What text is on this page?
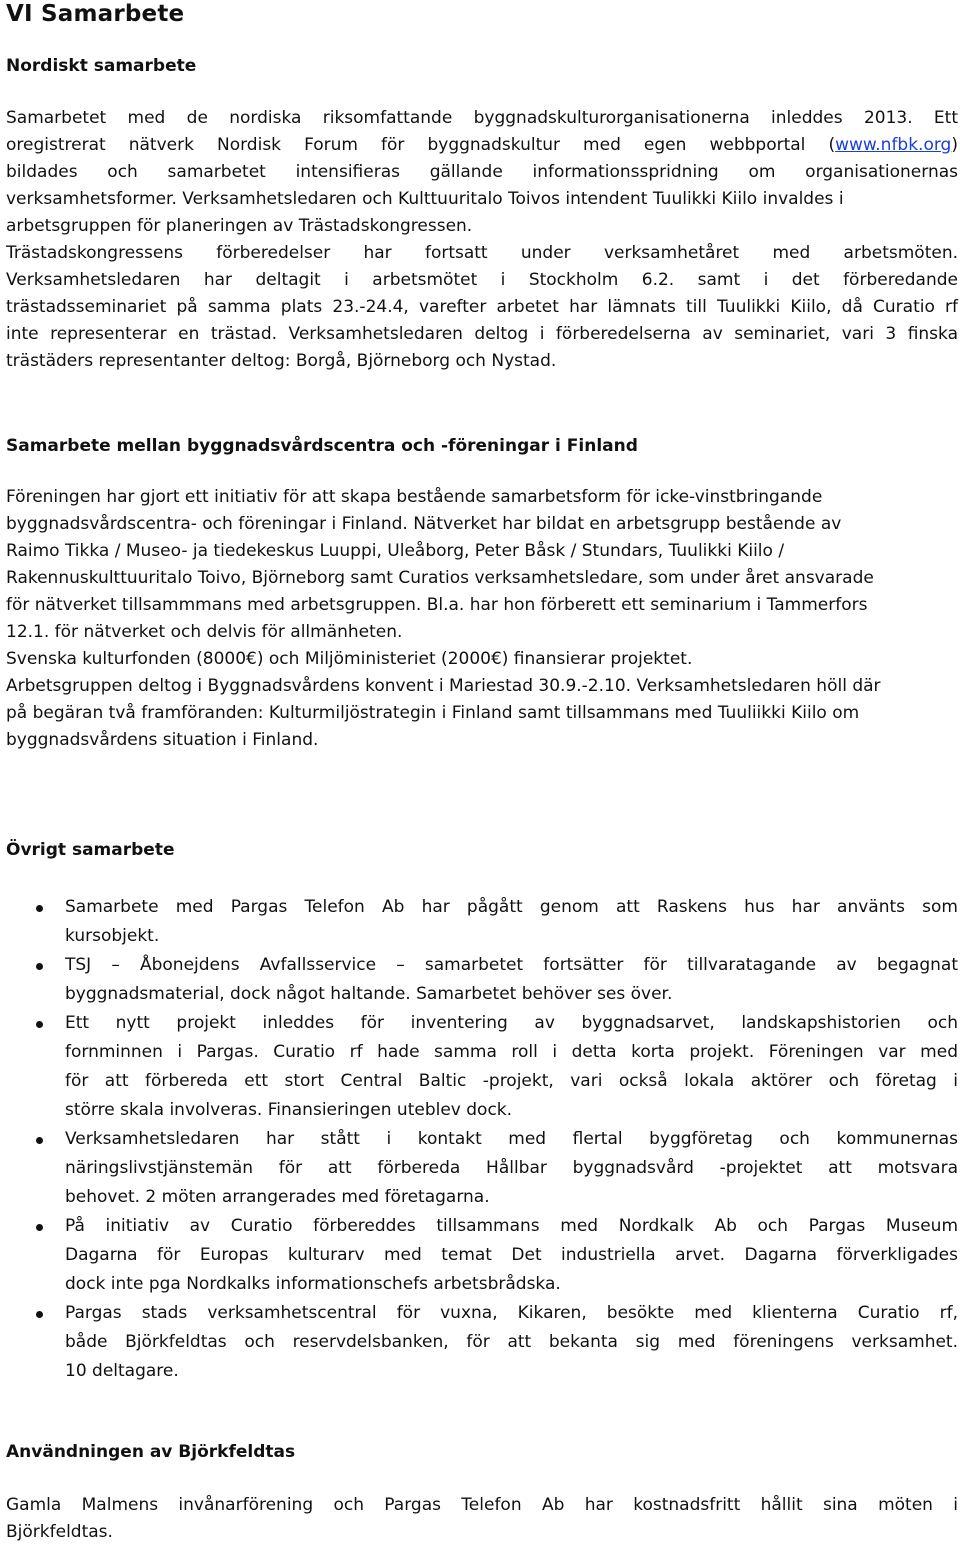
VI Samarbete
Nordiskt samarbete
Samarbetet med de nordiska riksomfattande byggnadskulturorganisationerna inleddes 2013. Ett
oregistrerat nätverk Nordisk Forum för byggnadskultur med egen webbportal (www.nfbk.org)
bildades och samarbetet intensifieras gällande informationsspridning om organisationernas
verksamhetsformer. Verksamhetsledaren och Kulttuuritalo Toivos intendent Tuulikki Kiilo invaldes i
arbetsgruppen för planeringen av Trästadskongressen.
Trästadskongressens förberedelser har fortsatt under verksamhetåret med arbetsmöten.
Verksamhetsledaren har deltagit i arbetsmötet i Stockholm 6.2. samt i det förberedande
trästadsseminariet på samma plats 23.-24.4, varefter arbetet har lämnats till Tuulikki Kiilo, då Curatio rf
inte representerar en trästad. Verksamhetsledaren deltog i förberedelserna av seminariet, vari 3 finska
trästäders representanter deltog: Borgå, Björneborg och Nystad.
Samarbete mellan byggnadsvårdscentra och -föreningar i Finland
Föreningen har gjort ett initiativ för att skapa bestående samarbetsform för icke-vinstbringande
byggnadsvårdscentra- och föreningar i Finland. Nätverket har bildat en arbetsgrupp bestående av
Raimo Tikka / Museo- ja tiedekeskus Luuppi, Uleåborg, Peter Båsk / Stundars, Tuulikki Kiilo /
Rakennuskulttuuritalo Toivo, Björneborg samt Curatios verksamhetsledare, som under året ansvarade
för nätverket tillsammmans med arbetsgruppen. Bl.a. har hon förberett ett seminarium i Tammerfors
12.1. för nätverket och delvis för allmänheten.
Svenska kulturfonden (8000€) och Miljöministeriet (2000€) finansierar projektet.
Arbetsgruppen deltog i Byggnadsvårdens konvent i Mariestad 30.9.-2.10. Verksamhetsledaren höll där
på begäran två framföranden: Kulturmiljöstrategin i Finland samt tillsammans med Tuuliikki Kiilo om
byggnadsvårdens situation i Finland.
Övrigt samarbete
Samarbete med Pargas Telefon Ab har pågått genom att Raskens hus har använts som
kursobjekt.
TSJ – Åbonejdens Avfallsservice – samarbetet fortsätter för tillvaratagande av begagnat
byggnadsmaterial, dock något haltande. Samarbetet behöver ses över.
Ett nytt projekt inleddes för inventering av byggnadsarvet, landskapshistorien och
fornminnen i Pargas. Curatio rf hade samma roll i detta korta projekt. Föreningen var med
för att förbereda ett stort Central Baltic -projekt, vari också lokala aktörer och företag i
större skala involveras. Finansieringen uteblev dock.
Verksamhetsledaren har stått i kontakt med flertal byggföretag och kommunernas
näringslivstjänstemän för att förbereda Hållbar byggnadsvård -projektet att motsvara
behovet. 2 möten arrangerades med företagarna.
På initiativ av Curatio förbereddes tillsammans med Nordkalk Ab och Pargas Museum
Dagarna för Europas kulturarv med temat Det industriella arvet. Dagarna förverkligades
dock inte pga Nordkalks informationschefs arbetsbrådska.
Pargas stads verksamhetscentral för vuxna, Kikaren, besökte med klienterna Curatio rf,
både Björkfeldtas och reservdelsbanken, för att bekanta sig med föreningens verksamhet.
10 deltagare.
Användningen av Björkfeldtas
Gamla Malmens invånarförening och Pargas Telefon Ab har kostnadsfritt hållit sina möten i
Björkfeldtas.
